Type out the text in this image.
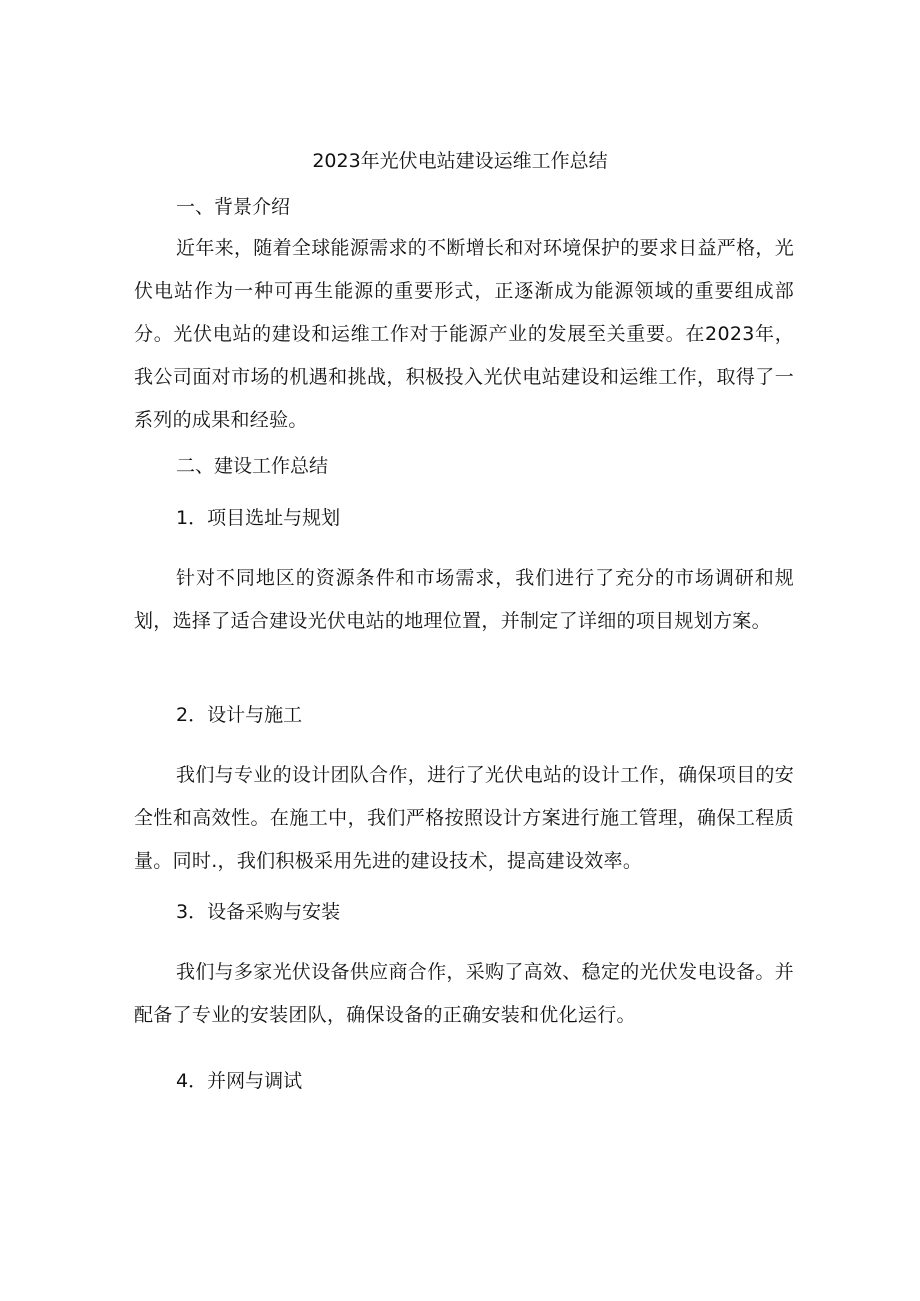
2023年光伏电站建设运维工作总结
一、背景介绍

近年来，随着全球能源需求的不断增长和对环境保护的要求日益严格，光伏电站作为一种可再生能源的重要形式，正逐渐成为能源领域的重要组成部分。光伏电站的建设和运维工作对于能源产业的发展至关重要。在2023年，我公司面对市场的机遇和挑战，积极投入光伏电站建设和运维工作，取得了一系列的成果和经验。

二、建设工作总结
1．项目选址与规划

针对不同地区的资源条件和市场需求，我们进行了充分的市场调研和规划，选择了适合建设光伏电站的地理位置，并制定了详细的项目规划方案。

2．设计与施工

我们与专业的设计团队合作，进行了光伏电站的设计工作，确保项目的安全性和高效性。在施工中，我们严格按照设计方案进行施工管理，确保工程质量。同时.，我们积极采用先进的建设技术，提高建设效率。

3．设备采购与安装

我们与多家光伏设备供应商合作，采购了高效、稳定的光伏发电设备。并配备了专业的安装团队，确保设备的正确安装和优化运行。

4．并网与调试
